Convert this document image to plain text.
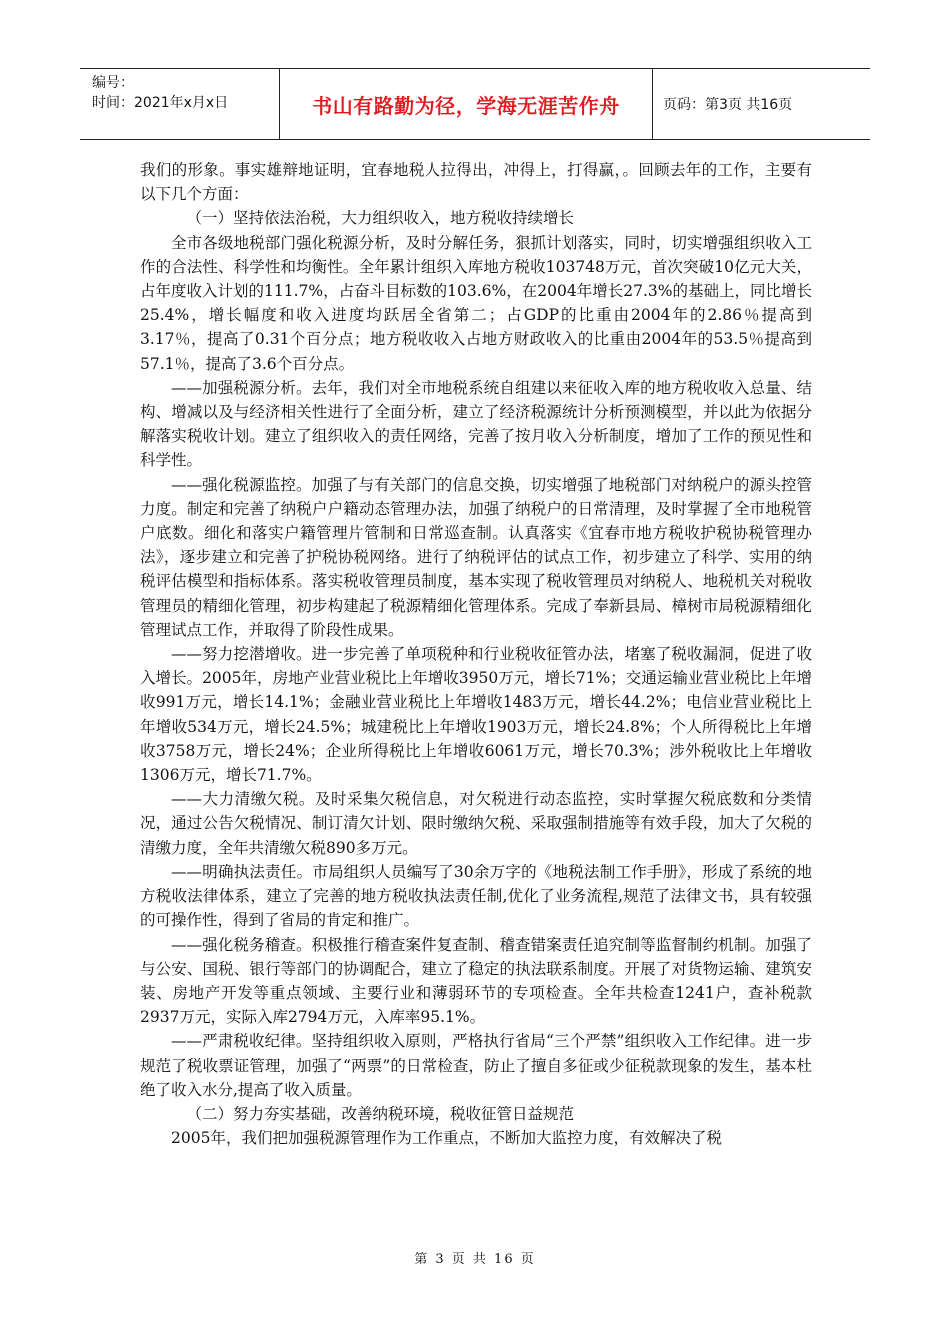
编号：
时间：2021年x月x日	书山有路勤为径，学海无涯苦作舟	页码：第3页 共16页

我们的形象。事实雄辩地证明，宜春地税人拉得出，冲得上，打得赢，。回顾去年的工作，主要有以下几个方面：

（一）坚持依法治税，大力组织收入，地方税收持续增长

全市各级地税部门强化税源分析，及时分解任务，狠抓计划落实，同时，切实增强组织收入工作的合法性、科学性和均衡性。全年累计组织入库地方税收103748万元，首次突破10亿元大关，占年度收入计划的111.7%，占奋斗目标数的103.6%，在2004年增长27.3%的基础上，同比增长25.4%，增长幅度和收入进度均跃居全省第二；占GDP的比重由2004年的2.86％提高到3.17％，提高了0.31个百分点；地方税收收入占地方财政收入的比重由2004年的53.5％提高到57.1％，提高了3.6个百分点。

——加强税源分析。去年，我们对全市地税系统自组建以来征收入库的地方税收收入总量、结构、增减以及与经济相关性进行了全面分析，建立了经济税源统计分析预测模型，并以此为依据分解落实税收计划。建立了组织收入的责任网络，完善了按月收入分析制度，增加了工作的预见性和科学性。

——强化税源监控。加强了与有关部门的信息交换，切实增强了地税部门对纳税户的源头控管力度。制定和完善了纳税户户籍动态管理办法，加强了纳税户的日常清理，及时掌握了全市地税管户底数。细化和落实户籍管理片管制和日常巡查制。认真落实《宜春市地方税收护税协税管理办法》，逐步建立和完善了护税协税网络。进行了纳税评估的试点工作，初步建立了科学、实用的纳税评估模型和指标体系。落实税收管理员制度，基本实现了税收管理员对纳税人、地税机关对税收管理员的精细化管理，初步构建起了税源精细化管理体系。完成了奉新县局、樟树市局税源精细化管理试点工作，并取得了阶段性成果。

——努力挖潜增收。进一步完善了单项税种和行业税收征管办法，堵塞了税收漏洞，促进了收入增长。2005年，房地产业营业税比上年增收3950万元，增长71%；交通运输业营业税比上年增收991万元，增长14.1%；金融业营业税比上年增收1483万元，增长44.2%；电信业营业税比上年增收534万元，增长24.5%；城建税比上年增收1903万元，增长24.8%；个人所得税比上年增收3758万元，增长24%；企业所得税比上年增收6061万元，增长70.3%；涉外税收比上年增收1306万元，增长71.7%。

——大力清缴欠税。及时采集欠税信息，对欠税进行动态监控，实时掌握欠税底数和分类情况，通过公告欠税情况、制订清欠计划、限时缴纳欠税、采取强制措施等有效手段，加大了欠税的清缴力度，全年共清缴欠税890多万元。

——明确执法责任。市局组织人员编写了30余万字的《地税法制工作手册》，形成了系统的地方税收法律体系，建立了完善的地方税收执法责任制,优化了业务流程,规范了法律文书，具有较强的可操作性，得到了省局的肯定和推广。

——强化税务稽查。积极推行稽查案件复查制、稽查错案责任追究制等监督制约机制。加强了与公安、国税、银行等部门的协调配合，建立了稳定的执法联系制度。开展了对货物运输、建筑安装、房地产开发等重点领域、主要行业和薄弱环节的专项检查。全年共检查1241户，查补税款2937万元，实际入库2794万元，入库率95.1%。

——严肃税收纪律。坚持组织收入原则，严格执行省局“三个严禁”组织收入工作纪律。进一步规范了税收票证管理，加强了“两票”的日常检查，防止了擅自多征或少征税款现象的发生，基本杜绝了收入水分,提高了收入质量。

（二）努力夯实基础，改善纳税环境，税收征管日益规范

2005年，我们把加强税源管理作为工作重点，不断加大监控力度，有效解决了税

第 3 页 共 16 页
